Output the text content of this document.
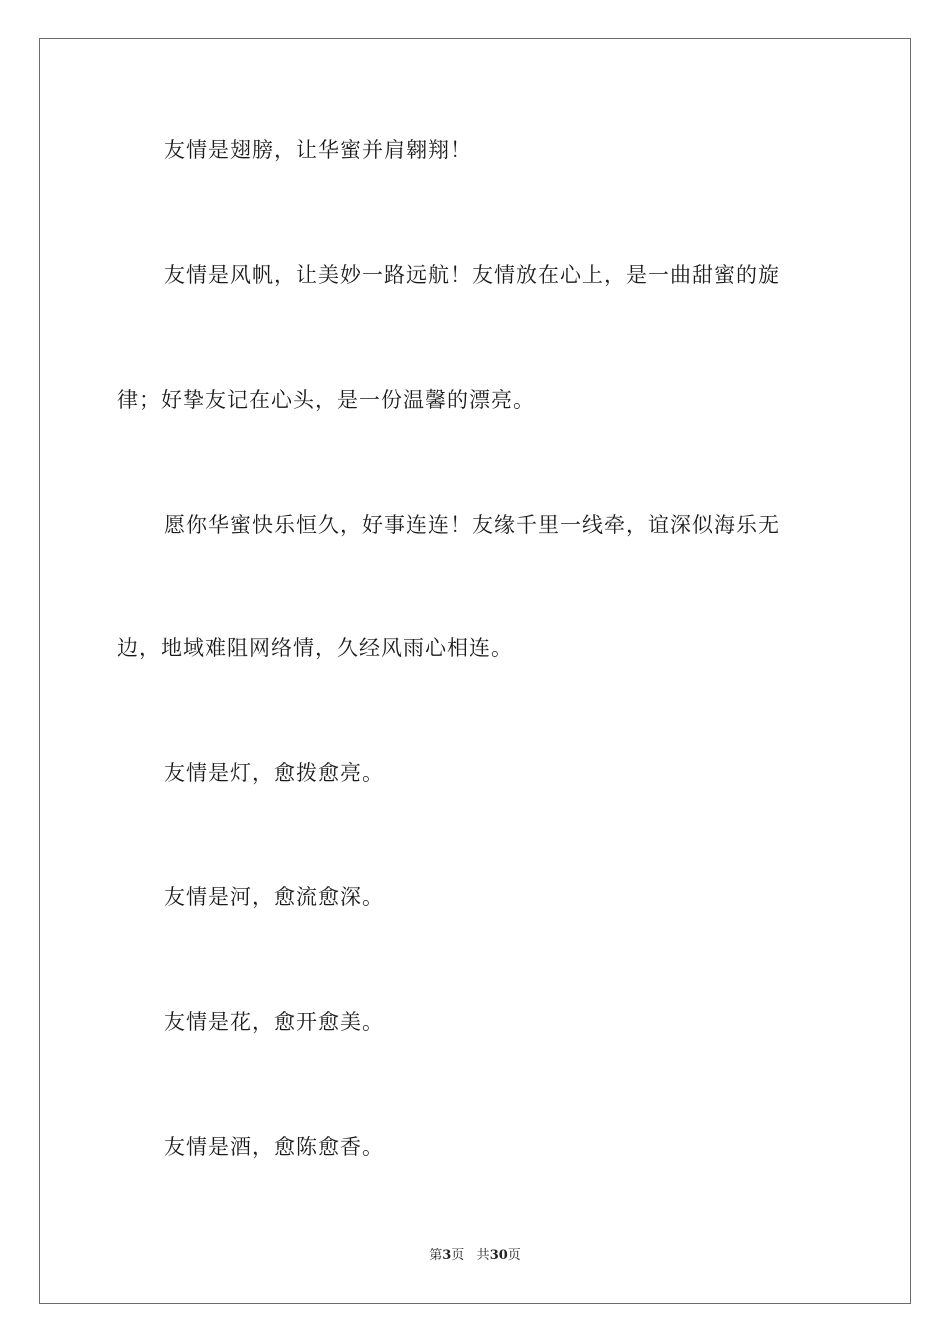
友情是翅膀，让华蜜并肩翱翔！
友情是风帆，让美妙一路远航！友情放在心上，是一曲甜蜜的旋
律；好挚友记在心头，是一份温馨的漂亮。
愿你华蜜快乐恒久，好事连连！友缘千里一线牵，谊深似海乐无
边，地域难阻网络情，久经风雨心相连。
友情是灯，愈拨愈亮。
友情是河，愈流愈深。
友情是花，愈开愈美。
友情是酒，愈陈愈香。
第3页 共30页
